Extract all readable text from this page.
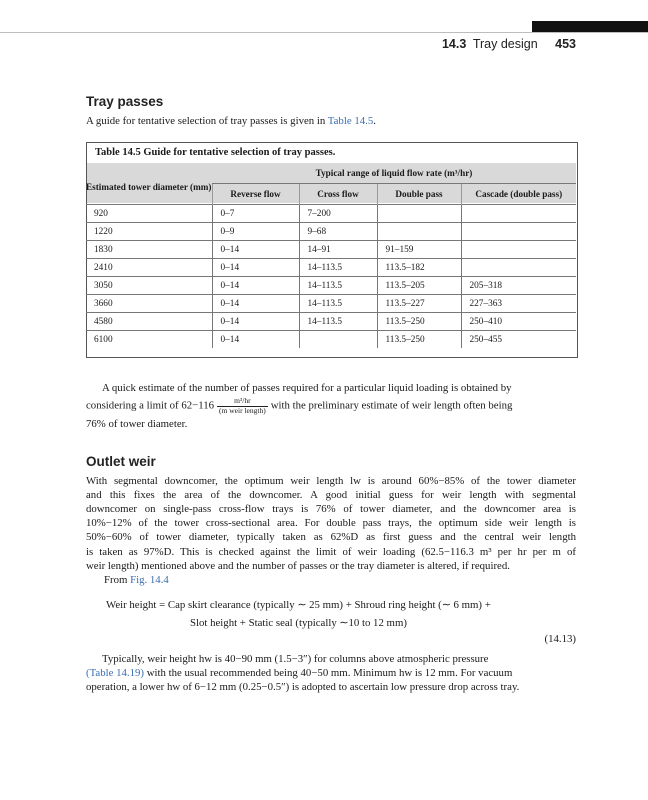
14.3 Tray design 453
Tray passes
A guide for tentative selection of tray passes is given in Table 14.5.
Table 14.5 Guide for tentative selection of tray passes.
Estimated tower diameter (mm)	Typical range of liquid flow rate (m³/hr)			
	Reverse flow	Cross flow	Double pass	Cascade (double pass)
920	0–7	7–200		
1220	0–9	9–68		
1830	0–14	14–91	91–159	
2410	0–14	14–113.5	113.5–182	
3050	0–14	14–113.5	113.5–205	205–318
3660	0–14	14–113.5	113.5–227	227–363
4580	0–14	14–113.5	113.5–250	250–410
6100	0–14		113.5–250	250–455
A quick estimate of the number of passes required for a particular liquid loading is obtained by
considering a limit of $62-116 \frac{\text{m³/hr}}{\text{(m weir length)}}$ with the preliminary estimate of weir length often being
76% of tower diameter.
Outlet weir
With segmental downcomer, the optimum weir length lw is around 60%−85% of the tower diameter
and this fixes the area of the downcomer. A good initial guess for weir length with segmental
downcomer on single-pass cross-flow trays is 76% of tower diameter, and the downcomer area is
10%−12% of the tower cross-sectional area. For double pass trays, the optimum side weir length is
50%−60% of tower diameter, typically taken as 62%D as first guess and the central weir length
is taken as 97%D. This is checked against the limit of weir loading (62.5−116.3 m³ per hr per m of
weir length) mentioned above and the number of passes or the tray diameter is altered, if required.
From Fig. 14.4
Weir height = Cap skirt clearance (typically ∼ 25 mm) + Shroud ring height (∼ 6 mm) +
Slot height + Static seal (typically ∼10 to 12 mm)
(14.13)
Typically, weir height hw is 40−90 mm (1.5−3″) for columns above atmospheric pressure
(Table 14.19) with the usual recommended being 40−50 mm. Minimum hw is 12 mm. For vacuum
operation, a lower hw of 6−12 mm (0.25−0.5″) is adopted to ascertain low pressure drop across tray.
